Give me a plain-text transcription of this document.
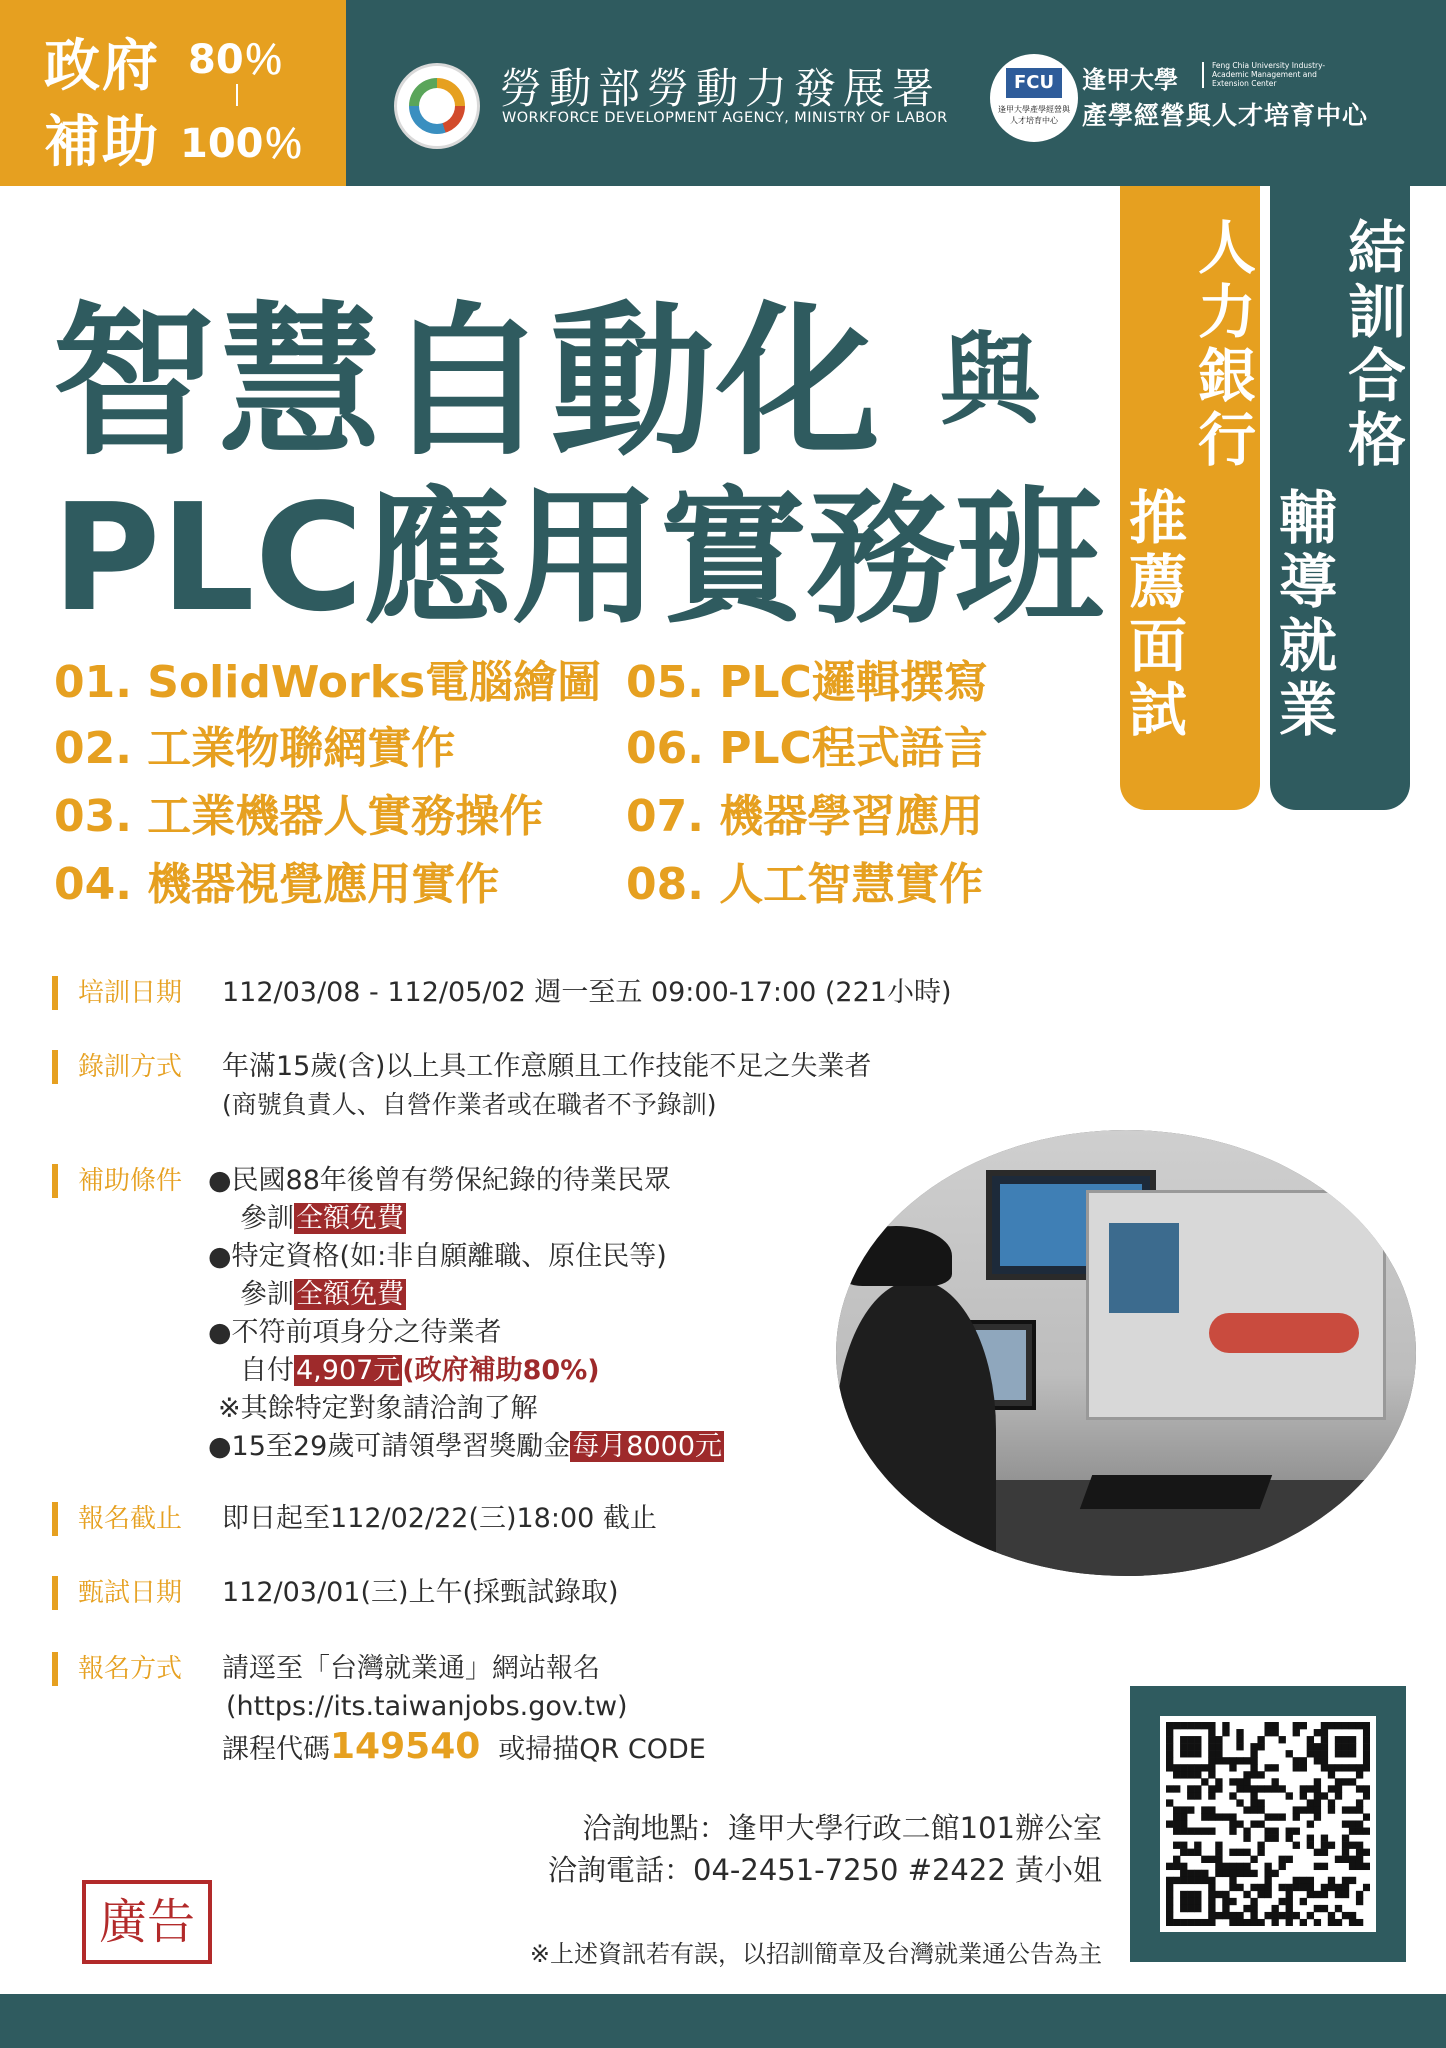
政府
補助
80％
100％
勞動部勞動力發展署
WORKFORCE DEVELOPMENT AGENCY, MINISTRY OF LABOR
FCU
逢甲大學產學經營與人才培育中心
逢甲大學
Feng Chia University Industry-Academic Management and Extension Center
產學經營與人才培育中心
智慧自動化 與
PLC應用實務班
人
力
銀
行
推
薦
面
試
結
訓
合
格
輔
導
就
業
01. SolidWorks電腦繪圖
02. 工業物聯網實作
03. 工業機器人實務操作
04. 機器視覺應用實作
05. PLC邏輯撰寫
06. PLC程式語言
07. 機器學習應用
08. 人工智慧實作
培訓日期 112/03/08 - 112/05/02 週一至五 09:00-17:00 (221小時)
錄訓方式 年滿15歲(含)以上具工作意願且工作技能不足之失業者
(商號負責人、自營作業者或在職者不予錄訓)
補助條件 ●民國88年後曾有勞保紀錄的待業民眾
參訓全額免費
●特定資格(如:非自願離職、原住民等)
參訓全額免費
●不符前項身分之待業者
自付4,907元(政府補助80%)
※其餘特定對象請洽詢了解
●15至29歲可請領學習獎勵金每月8000元
報名截止 即日起至112/02/22(三)18:00 截止
甄試日期 112/03/01(三)上午(採甄試錄取)
報名方式 請逕至「台灣就業通」網站報名
(https://its.taiwanjobs.gov.tw)
課程代碼149540 或掃描QR CODE
洽詢地點：逢甲大學行政二館101辦公室
洽詢電話：04-2451-7250 #2422 黃小姐
※上述資訊若有誤，以招訓簡章及台灣就業通公告為主
廣告
